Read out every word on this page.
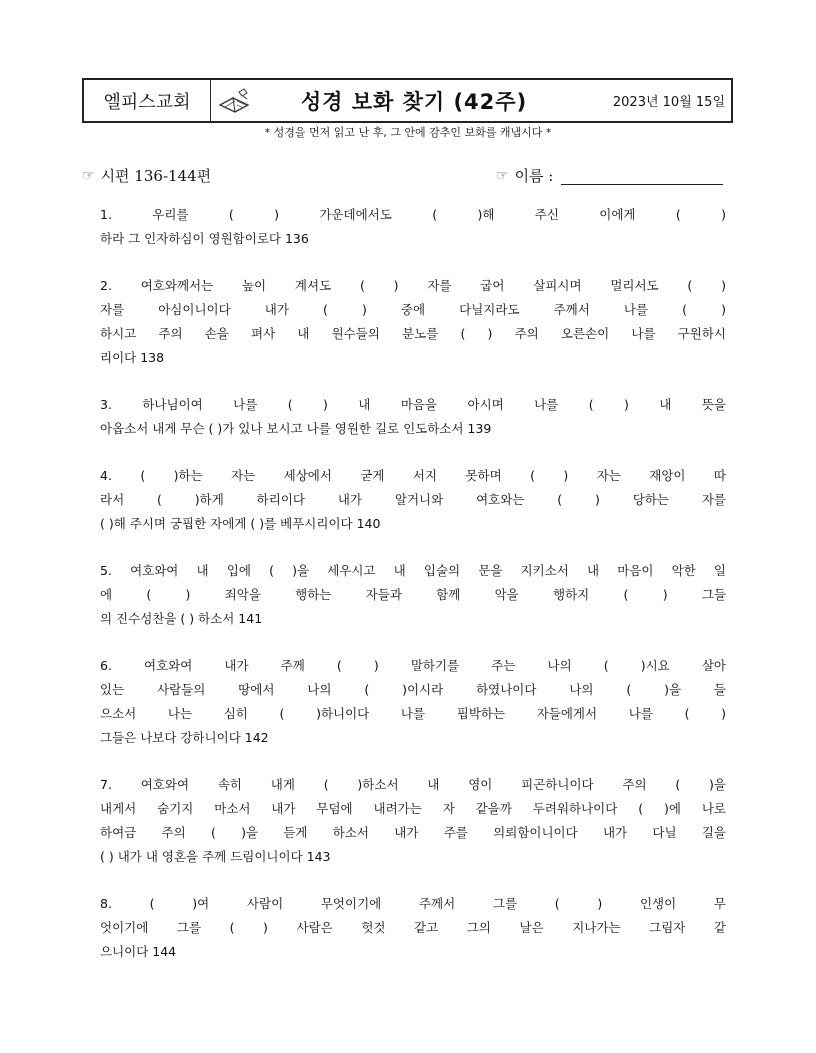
엘피스교회	성경 보화 찾기 (42주)	2023년 10월 15일
* 성경을 먼저 읽고 난 후, 그 안에 감추인 보화를 캐냅시다 *
☞ 시편 136-144편	☞ 이름 :
1. 우리를 ( ) 가운데에서도 ( )해 주신 이에게 ( )
하라 그 인자하심이 영원함이로다 136
2. 여호와께서는 높이 계셔도 ( ) 자를 굽어 살피시며 멀리서도 ( )
자를 아심이니이다 내가 ( ) 중에 다닐지라도 주께서 나를 ( )
하시고 주의 손을 펴사 내 원수들의 분노를 ( ) 주의 오른손이 나를 구원하시
리이다 138
3. 하나님이여 나를 ( ) 내 마음을 아시며 나를 ( ) 내 뜻을
아옵소서 내게 무슨 ( )가 있나 보시고 나를 영원한 길로 인도하소서 139
4. ( )하는 자는 세상에서 굳게 서지 못하며 ( ) 자는 재앙이 따
라서 ( )하게 하리이다 내가 알거니와 여호와는 ( ) 당하는 자를
( )해 주시며 궁핍한 자에게 ( )를 베푸시리이다 140
5. 여호와여 내 입에 ( )을 세우시고 내 입술의 문을 지키소서 내 마음이 악한 일
에 ( ) 죄악을 행하는 자들과 함께 악을 행하지 ( ) 그들
의 진수성찬을 ( ) 하소서 141
6. 여호와여 내가 주께 ( ) 말하기를 주는 나의 ( )시요 살아
있는 사람들의 땅에서 나의 ( )이시라 하였나이다 나의 ( )을 들
으소서 나는 심히 ( )하니이다 나를 핍박하는 자들에게서 나를 ( )
그들은 나보다 강하니이다 142
7. 여호와여 속히 내게 ( )하소서 내 영이 피곤하니이다 주의 ( )을
내게서 숨기지 마소서 내가 무덤에 내려가는 자 같을까 두려워하나이다 ( )에 나로
하여금 주의 ( )을 듣게 하소서 내가 주를 의뢰함이니이다 내가 다닐 길을
( ) 내가 내 영혼을 주께 드림이니이다 143
8. ( )여 사람이 무엇이기에 주께서 그를 ( ) 인생이 무
엇이기에 그를 ( ) 사람은 헛것 같고 그의 날은 지나가는 그림자 같
으니이다 144
